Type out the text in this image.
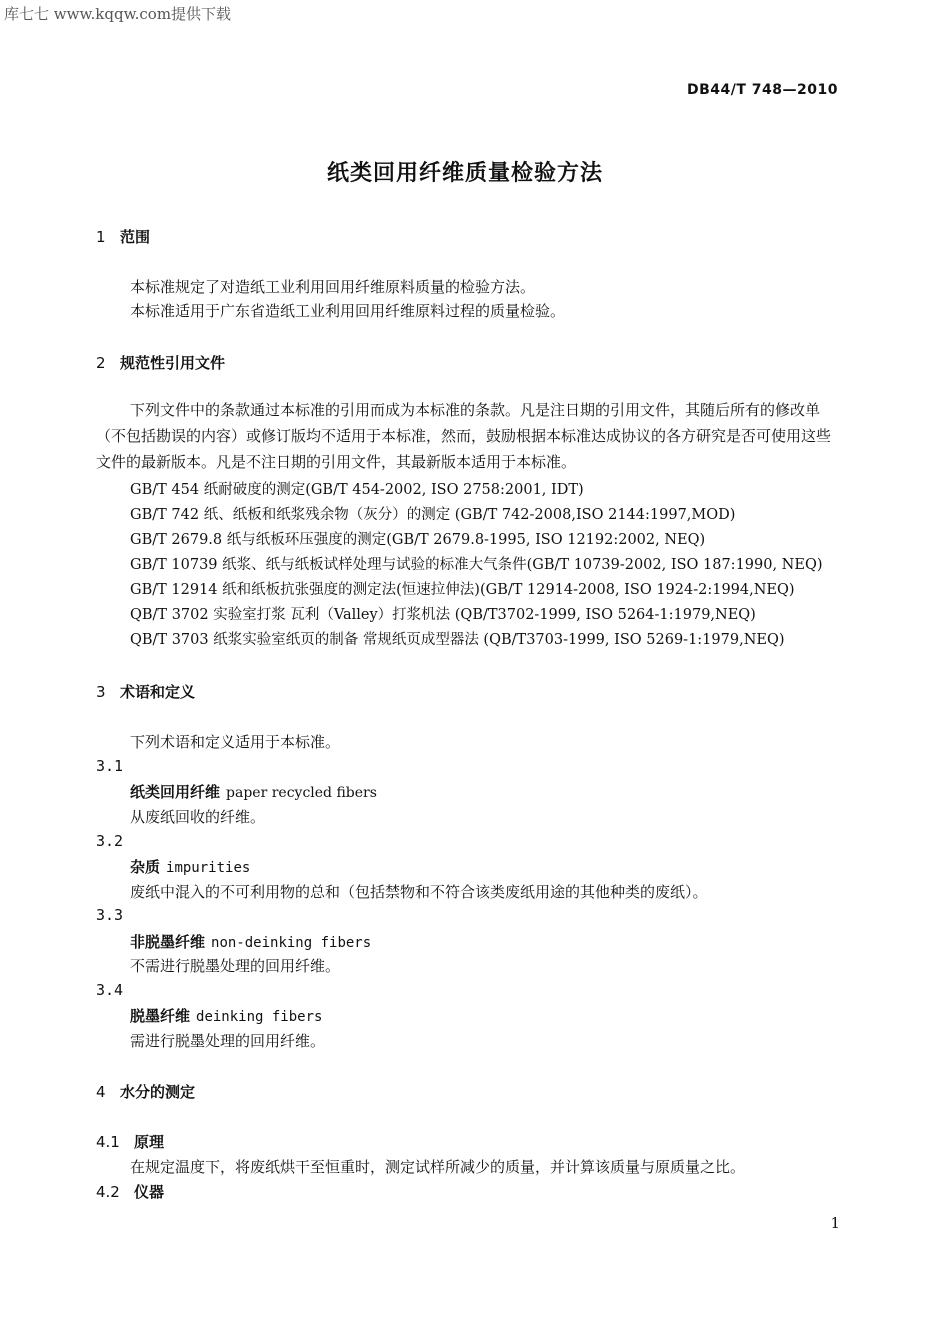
库七七 www.kqqw.com提供下载
DB44/T 748—2010
纸类回用纤维质量检验方法
1 范围
本标准规定了对造纸工业利用回用纤维原料质量的检验方法。
本标准适用于广东省造纸工业利用回用纤维原料过程的质量检验。
2 规范性引用文件
下列文件中的条款通过本标准的引用而成为本标准的条款。凡是注日期的引用文件，其随后所有的修改单（不包括勘误的内容）或修订版均不适用于本标准，然而，鼓励根据本标准达成协议的各方研究是否可使用这些文件的最新版本。凡是不注日期的引用文件，其最新版本适用于本标准。
GB/T 454 纸耐破度的测定(GB/T 454-2002, ISO 2758:2001, IDT)
GB/T 742 纸、纸板和纸浆残余物（灰分）的测定 (GB/T 742-2008,ISO 2144:1997,MOD)
GB/T 2679.8 纸与纸板环压强度的测定(GB/T 2679.8-1995, ISO 12192:2002, NEQ)
GB/T 10739 纸浆、纸与纸板试样处理与试验的标准大气条件(GB/T 10739-2002, ISO 187:1990, NEQ)
GB/T 12914 纸和纸板抗张强度的测定法(恒速拉伸法)(GB/T 12914-2008, ISO 1924-2:1994,NEQ)
QB/T 3702 实验室打浆 瓦利（Valley）打浆机法 (QB/T3702-1999, ISO 5264-1:1979,NEQ)
QB/T 3703 纸浆实验室纸页的制备 常规纸页成型器法 (QB/T3703-1999, ISO 5269-1:1979,NEQ)
3 术语和定义
下列术语和定义适用于本标准。
3.1
纸类回用纤维 paper recycled fibers
从废纸回收的纤维。
3.2
杂质 impurities
废纸中混入的不可利用物的总和（包括禁物和不符合该类废纸用途的其他种类的废纸）。
3.3
非脱墨纤维 non-deinking fibers
不需进行脱墨处理的回用纤维。
3.4
脱墨纤维 deinking fibers
需进行脱墨处理的回用纤维。
4 水分的测定
4.1 原理
在规定温度下，将废纸烘干至恒重时，测定试样所减少的质量，并计算该质量与原质量之比。
4.2 仪器
1
